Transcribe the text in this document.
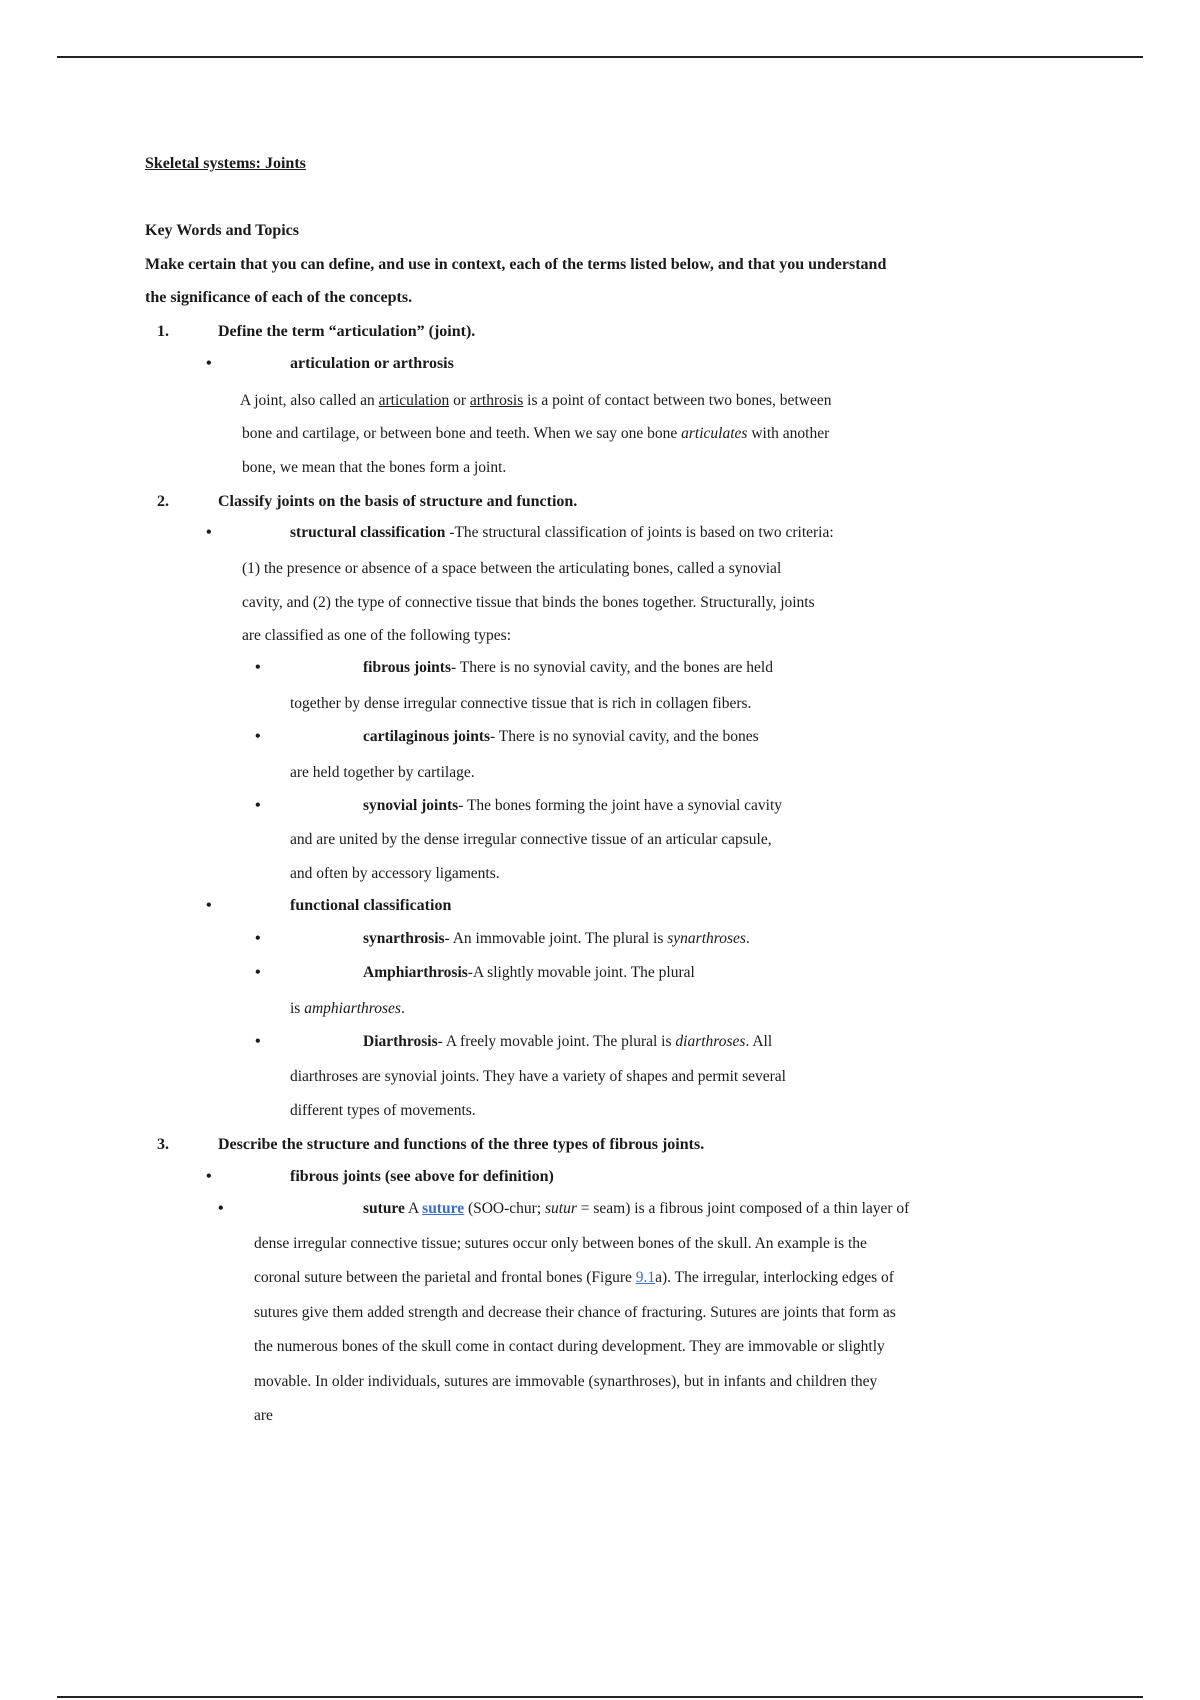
Skeletal systems: Joints
Key Words and Topics
Make certain that you can define, and use in context, each of the terms listed below, and that you understand
the significance of each of the concepts.
1.	Define the term “articulation” (joint).
•	articulation or arthrosis
A joint, also called an articulation or arthrosis is a point of contact between two bones, between
bone and cartilage, or between bone and teeth. When we say one bone articulates with another
bone, we mean that the bones form a joint.
2.	Classify joints on the basis of structure and function.
•	structural classification -The structural classification of joints is based on two criteria:
(1) the presence or absence of a space between the articulating bones, called a synovial
cavity, and (2) the type of connective tissue that binds the bones together. Structurally, joints
are classified as one of the following types:
•	fibrous joints- There is no synovial cavity, and the bones are held
together by dense irregular connective tissue that is rich in collagen fibers.
•	cartilaginous joints- There is no synovial cavity, and the bones
are held together by cartilage.
•	synovial joints- The bones forming the joint have a synovial cavity
and are united by the dense irregular connective tissue of an articular capsule,
and often by accessory ligaments.
•	functional classification
•	synarthrosis- An immovable joint. The plural is synarthroses.
•	Amphiarthrosis-A slightly movable joint. The plural
is amphiarthroses.
•	Diarthrosis- A freely movable joint. The plural is diarthroses. All
diarthroses are synovial joints. They have a variety of shapes and permit several
different types of movements.
3.	Describe the structure and functions of the three types of fibrous joints.
•	fibrous joints (see above for definition)
•	suture A suture (SOO-chur; sutur = seam) is a fibrous joint composed of a thin layer of
dense irregular connective tissue; sutures occur only between bones of the skull. An example is the
coronal suture between the parietal and frontal bones (Figure 9.1a). The irregular, interlocking edges of
sutures give them added strength and decrease their chance of fracturing. Sutures are joints that form as
the numerous bones of the skull come in contact during development. They are immovable or slightly
movable. In older individuals, sutures are immovable (synarthroses), but in infants and children they
are
